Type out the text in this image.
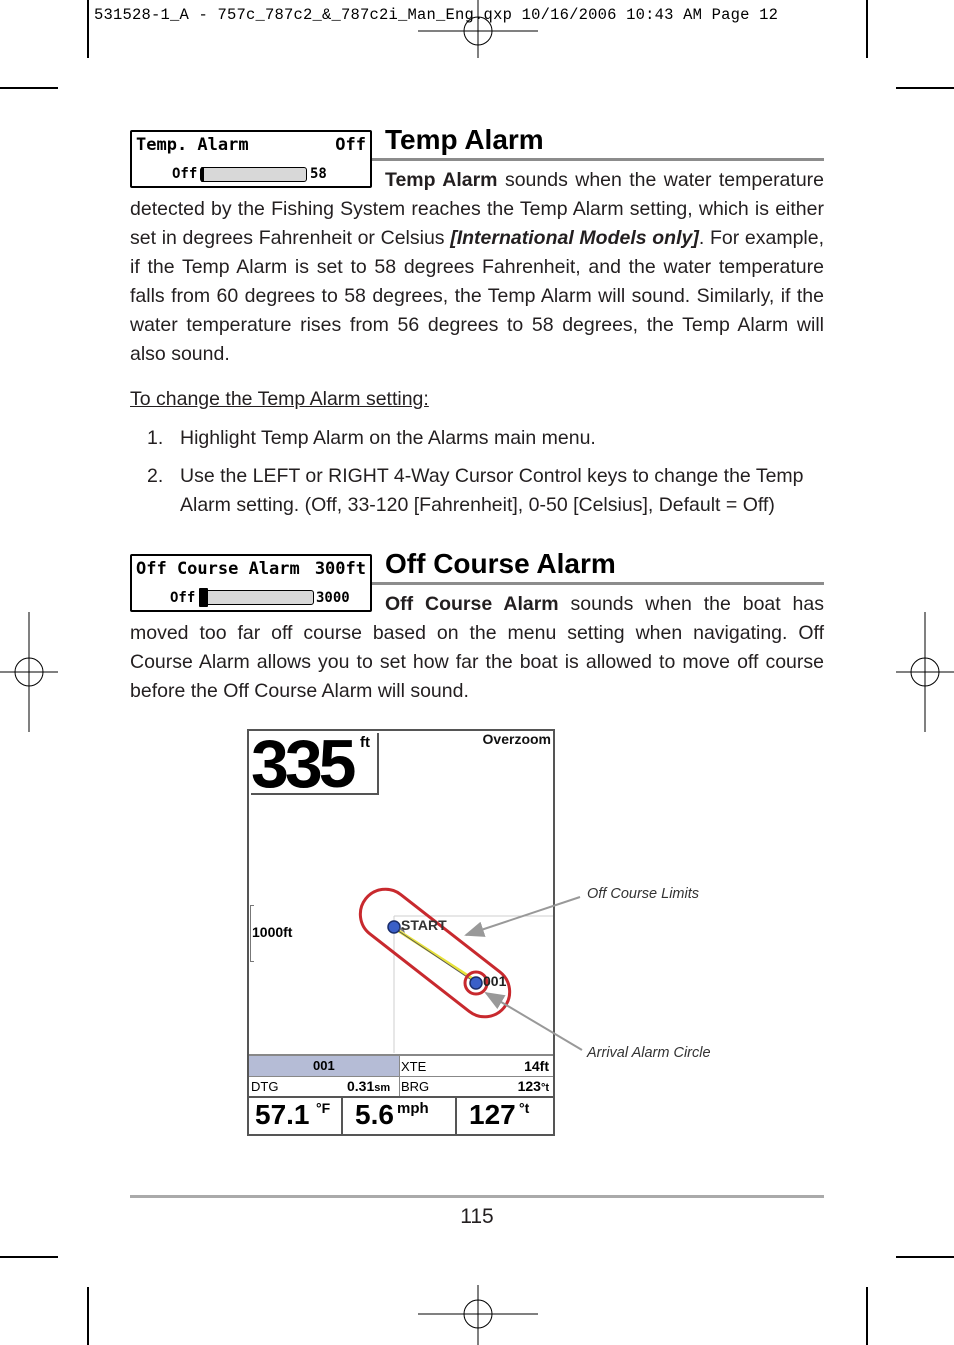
531528-1_A - 757c_787c2_&_787c2i_Man_Eng.qxp 10/16/2006 10:43 AM Page 12
Temp. Alarm	Off
Off	58
Temp Alarm

Temp Alarm sounds when the water temperature detected by the Fishing System reaches the Temp Alarm setting, which is either set in degrees Fahrenheit or Celsius [International Models only]. For example, if the Temp Alarm is set to 58 degrees Fahrenheit, and the water temperature falls from 60 degrees to 58 degrees, the Temp Alarm will sound. Similarly, if the water temperature rises from 56 degrees to 58 degrees, the Temp Alarm will also sound.

To change the Temp Alarm setting:
1. Highlight Temp Alarm on the Alarms main menu.
2. Use the LEFT or RIGHT 4-Way Cursor Control keys to change the Temp Alarm setting. (Off, 33-120 [Fahrenheit], 0-50 [Celsius], Default = Off)
Off Course Alarm 300ft
Off	3000
Off Course Alarm

Off Course Alarm sounds when the boat has moved too far off course based on the menu setting when navigating. Off Course Alarm allows you to set how far the boat is allowed to move off course before the Off Course Alarm will sound.

335 ft	Overzoom
1000ft	START
001
001	XTE	14ft
DTG	0.31sm BRG	123°t
57.1 °F 5.6 mph 127 °t
Off Course Limits
Arrival Alarm Circle
115
